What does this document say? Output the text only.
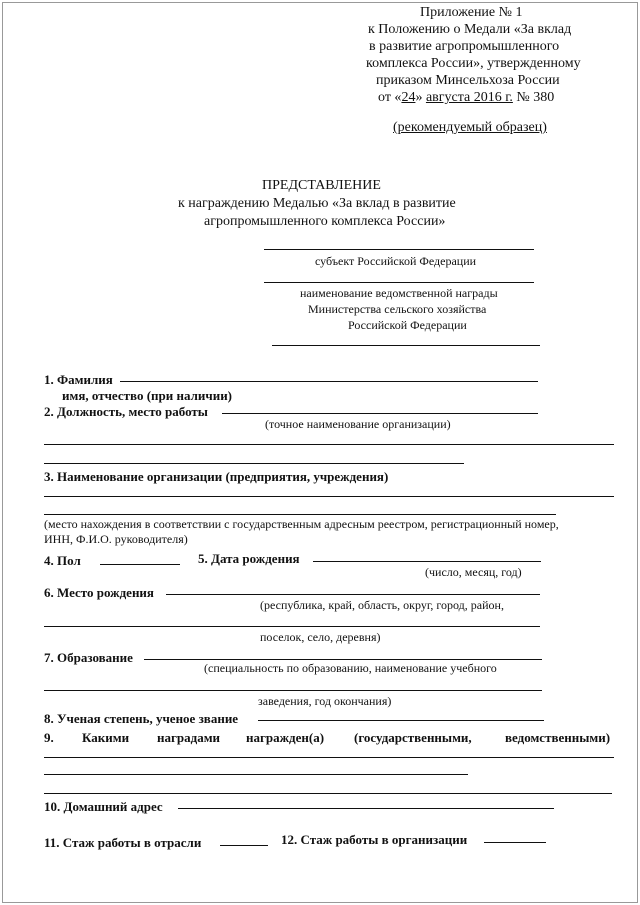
Приложение № 1
к Положению о Медали «За вклад
в развитие агропромышленного
комплекса России», утвержденному
приказом Минсельхоза России
от «24» августа 2016 г. № 380
(рекомендуемый образец)
ПРЕДСТАВЛЕНИЕ
к награждению Медалью «За вклад в развитие
агропромышленного комплекса России»
субъект Российской Федерации
наименование ведомственной награды
Министерства сельского хозяйства
Российской Федерации
1. Фамилия
имя, отчество (при наличии)
2. Должность, место работы
(точное наименование организации)
3. Наименование организации (предприятия, учреждения)
(место нахождения в соответствии с государственным адресным реестром, регистрационный номер,
ИНН, Ф.И.О. руководителя)
4. Пол	5. Дата рождения
(число, месяц, год)
6. Место рождения
(республика, край, область, округ, город, район,
поселок, село, деревня)
7. Образование
(специальность по образованию, наименование учебного
заведения, год окончания)
8. Ученая степень, ученое звание
9. Какими наградами награжден(а) (государственными,	ведомственными)
10. Домашний адрес
11. Стаж работы в отрасли	12. Стаж работы в организации
